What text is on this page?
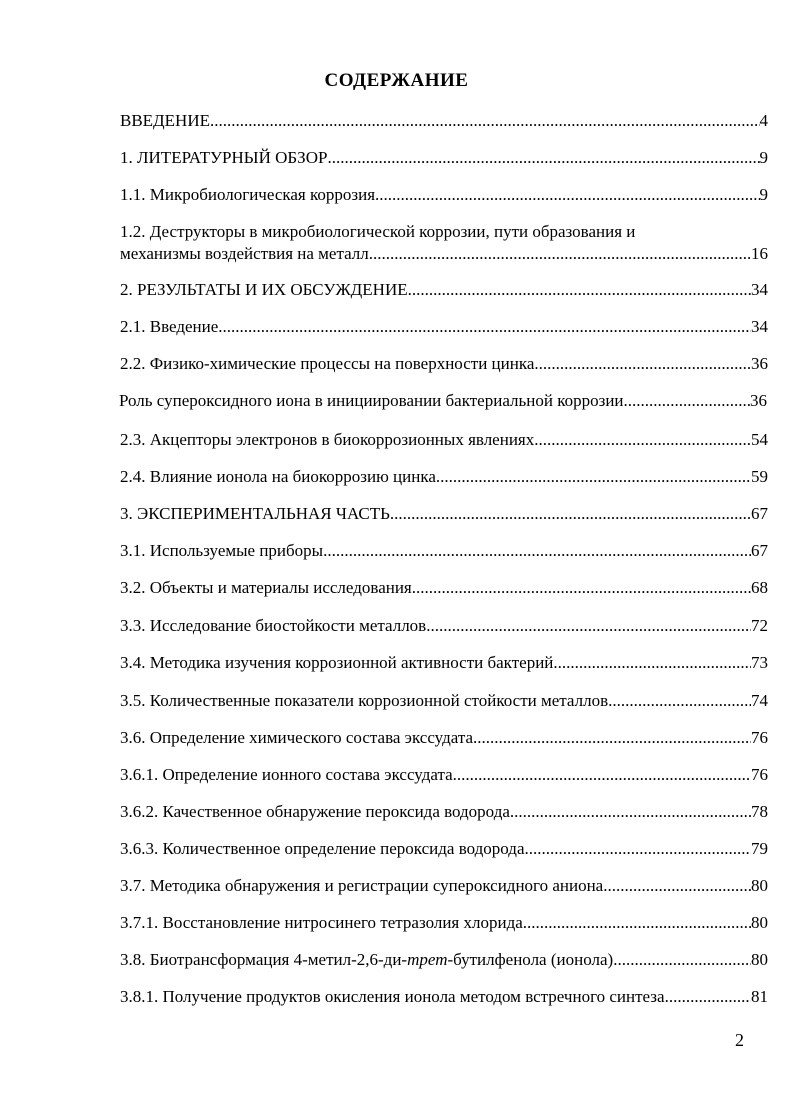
СОДЕРЖАНИЕ
ВВЕДЕНИЕ .....	4
1. ЛИТЕРАТУРНЫЙ ОБЗОР .....	9
1.1. Микробиологическая коррозия .....	9
1.2. Деструкторы в микробиологической коррозии, пути образования и
механизмы воздействия на металл .....	16
2. РЕЗУЛЬТАТЫ И ИХ ОБСУЖДЕНИЕ .....	34
2.1. Введение .....	34
2.2. Физико-химические процессы на поверхности цинка. .....	36
Роль супероксидного иона в инициировании бактериальной коррозии .....	36
2.3. Акцепторы электронов в биокоррозионных явлениях .....	54
2.4. Влияние ионола на биокоррозию цинка .....	59
3. ЭКСПЕРИМЕНТАЛЬНАЯ ЧАСТЬ .....	67
3.1. Используемые приборы .....	67
3.2. Объекты и материалы исследования .....	68
3.3. Исследование биостойкости металлов .....	72
3.4. Методика изучения коррозионной активности бактерий .....	73
3.5. Количественные показатели коррозионной стойкости металлов .....	74
3.6. Определение химического состава экссудата .....	76
3.6.1. Определение ионного состава экссудата .....	76
3.6.2. Качественное обнаружение пероксида водорода .....	78
3.6.3. Количественное определение пероксида водорода .....	79
3.7. Методика обнаружения и регистрации супероксидного аниона .....	80
3.7.1. Восстановление нитросинего тетразолия хлорида .....	80
3.8. Биотрансформация 4-метил-2,6-ди-трет-бутилфенола (ионола) .....	80
3.8.1. Получение продуктов окисления ионола методом встречного синтеза .....	81
2
